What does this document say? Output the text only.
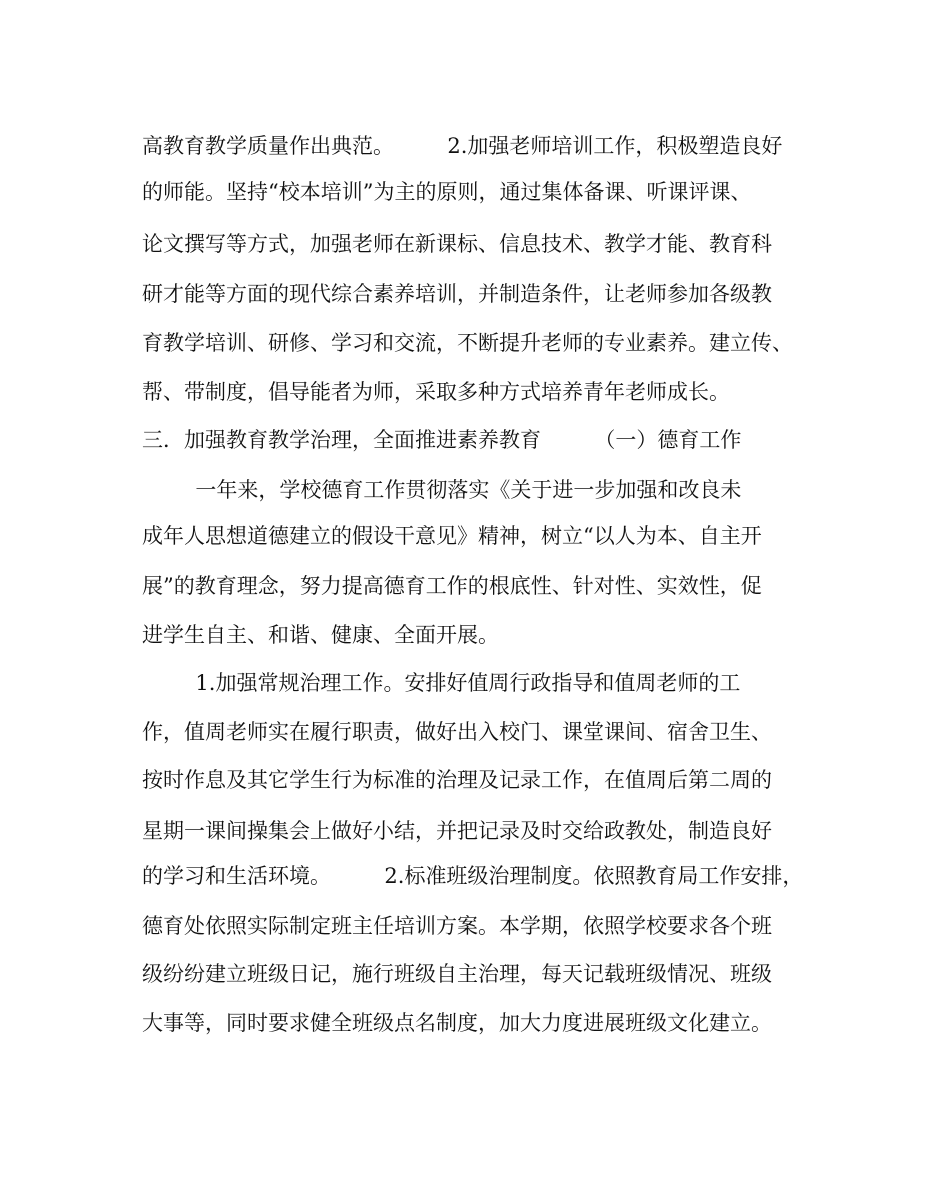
高教育教学质量作出典范。        2.加强老师培训工作，积极塑造良好
的师能。坚持“校本培训”为主的原则，通过集体备课、听课评课、
论文撰写等方式，加强老师在新课标、信息技术、教学才能、教育科
研才能等方面的现代综合素养培训，并制造条件，让老师参加各级教
育教学培训、研修、学习和交流，不断提升老师的专业素养。建立传、
帮、带制度，倡导能者为师，采取多种方式培养青年老师成长。
三．加强教育教学治理，全面推进素养教育        （一）德育工作
一年来，学校德育工作贯彻落实《关于进一步加强和改良未
成年人思想道德建立的假设干意见》精神，树立“以人为本、自主开
展”的教育理念，努力提高德育工作的根底性、针对性、实效性，促
进学生自主、和谐、健康、全面开展。
1.加强常规治理工作。安排好值周行政指导和值周老师的工
作，值周老师实在履行职责，做好出入校门、课堂课间、宿舍卫生、
按时作息及其它学生行为标准的治理及记录工作，在值周后第二周的
星期一课间操集会上做好小结，并把记录及时交给政教处，制造良好
的学习和生活环境。        2.标准班级治理制度。依照教育局工作安排，
德育处依照实际制定班主任培训方案。本学期，依照学校要求各个班
级纷纷建立班级日记，施行班级自主治理，每天记载班级情况、班级
大事等，同时要求健全班级点名制度，加大力度进展班级文化建立。
